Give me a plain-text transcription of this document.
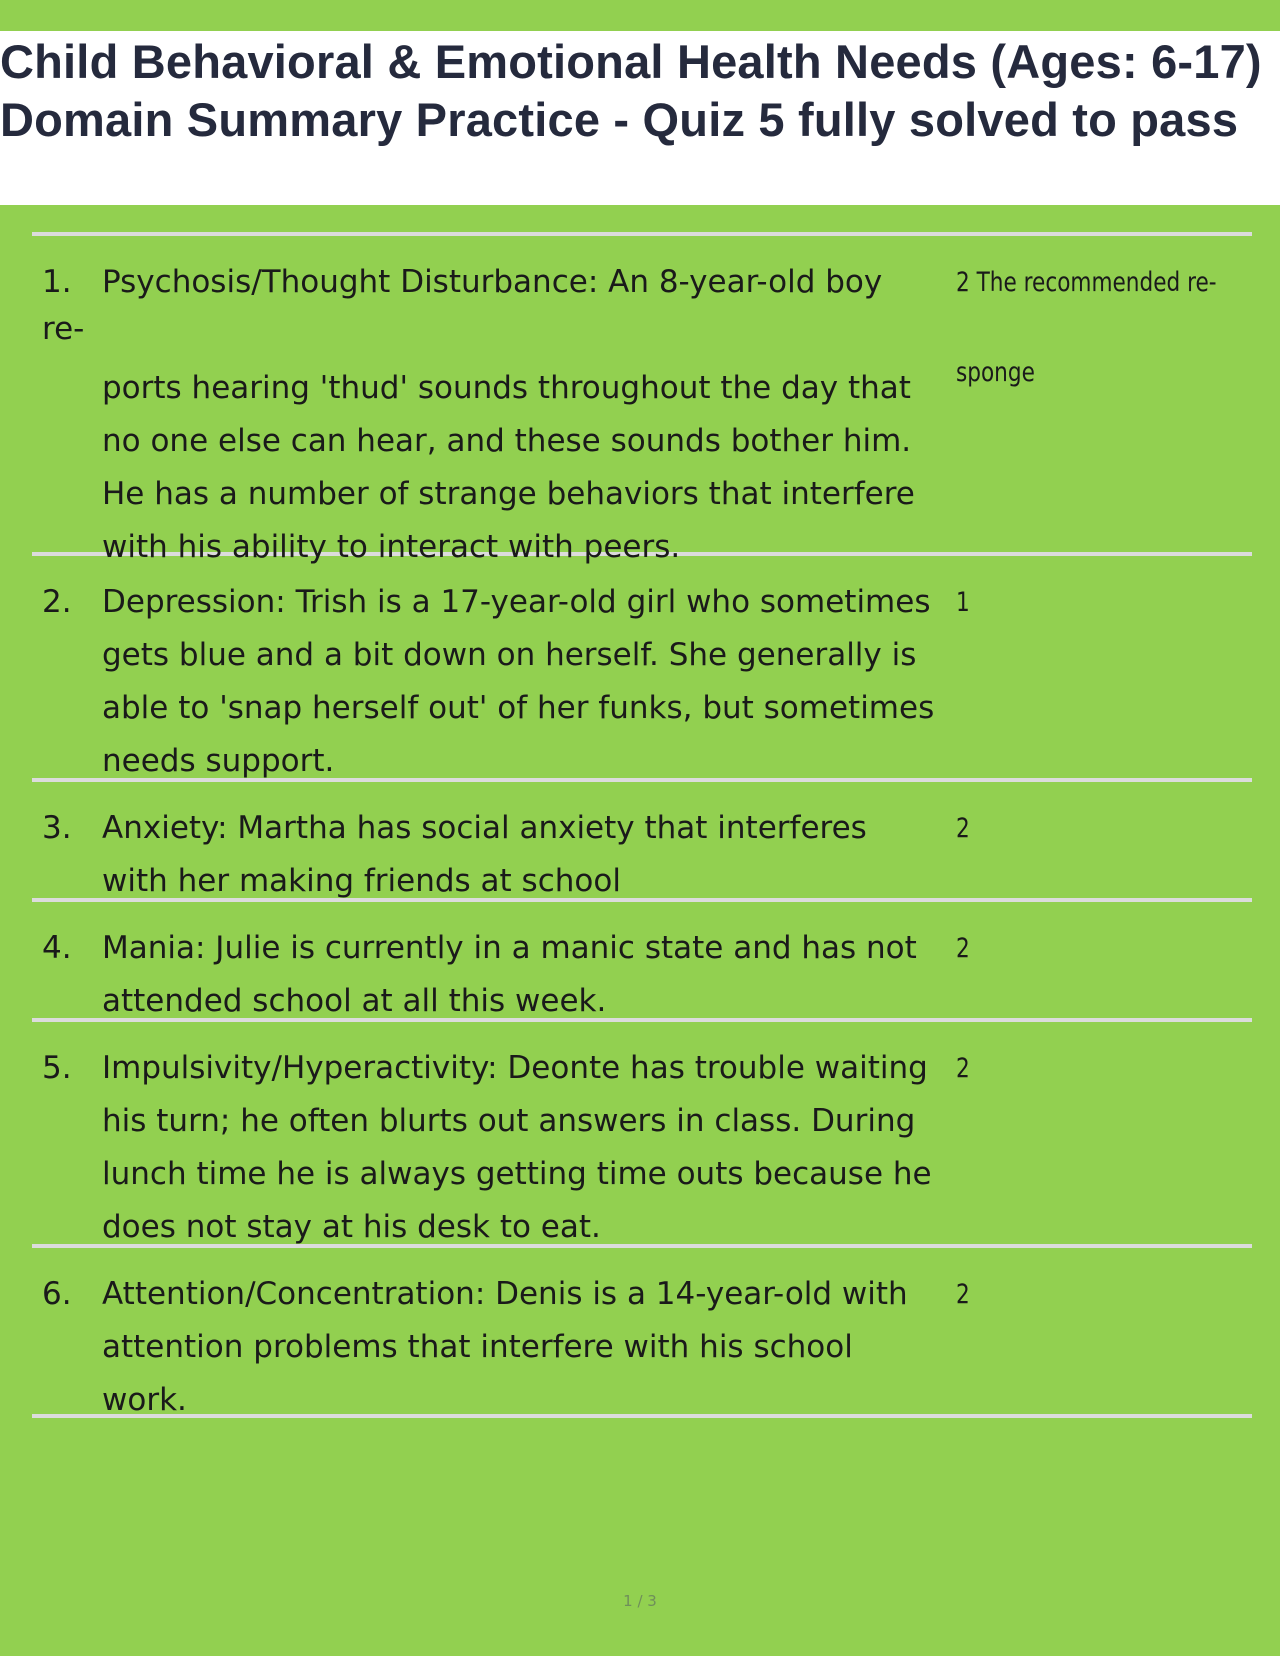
Child Behavioral & Emotional Health Needs (Ages: 6-17) Domain Summary Practice - Quiz 5 fully solved to pass
1.
re-
Psychosis/Thought Disturbance: An 8-year-old boy

ports hearing 'thud' sounds throughout the day that no one else can hear, and these sounds bother him. He has a number of strange behaviors that interfere with his ability to interact with peers.
2 The recommended re-
sponge
2. Depression: Trish is a 17-year-old girl who sometimes gets blue and a bit down on herself. She generally is able to 'snap herself out' of her funks, but sometimes needs support.
1
3. Anxiety: Martha has social anxiety that interferes with her making friends at school
2
4. Mania: Julie is currently in a manic state and has not attended school at all this week.
2
5. Impulsivity/Hyperactivity: Deonte has trouble waiting his turn; he often blurts out answers in class. During lunch time he is always getting time outs because he does not stay at his desk to eat.
2
6. Attention/Concentration: Denis is a 14-year-old with attention problems that interfere with his school work.
2
1 / 3
